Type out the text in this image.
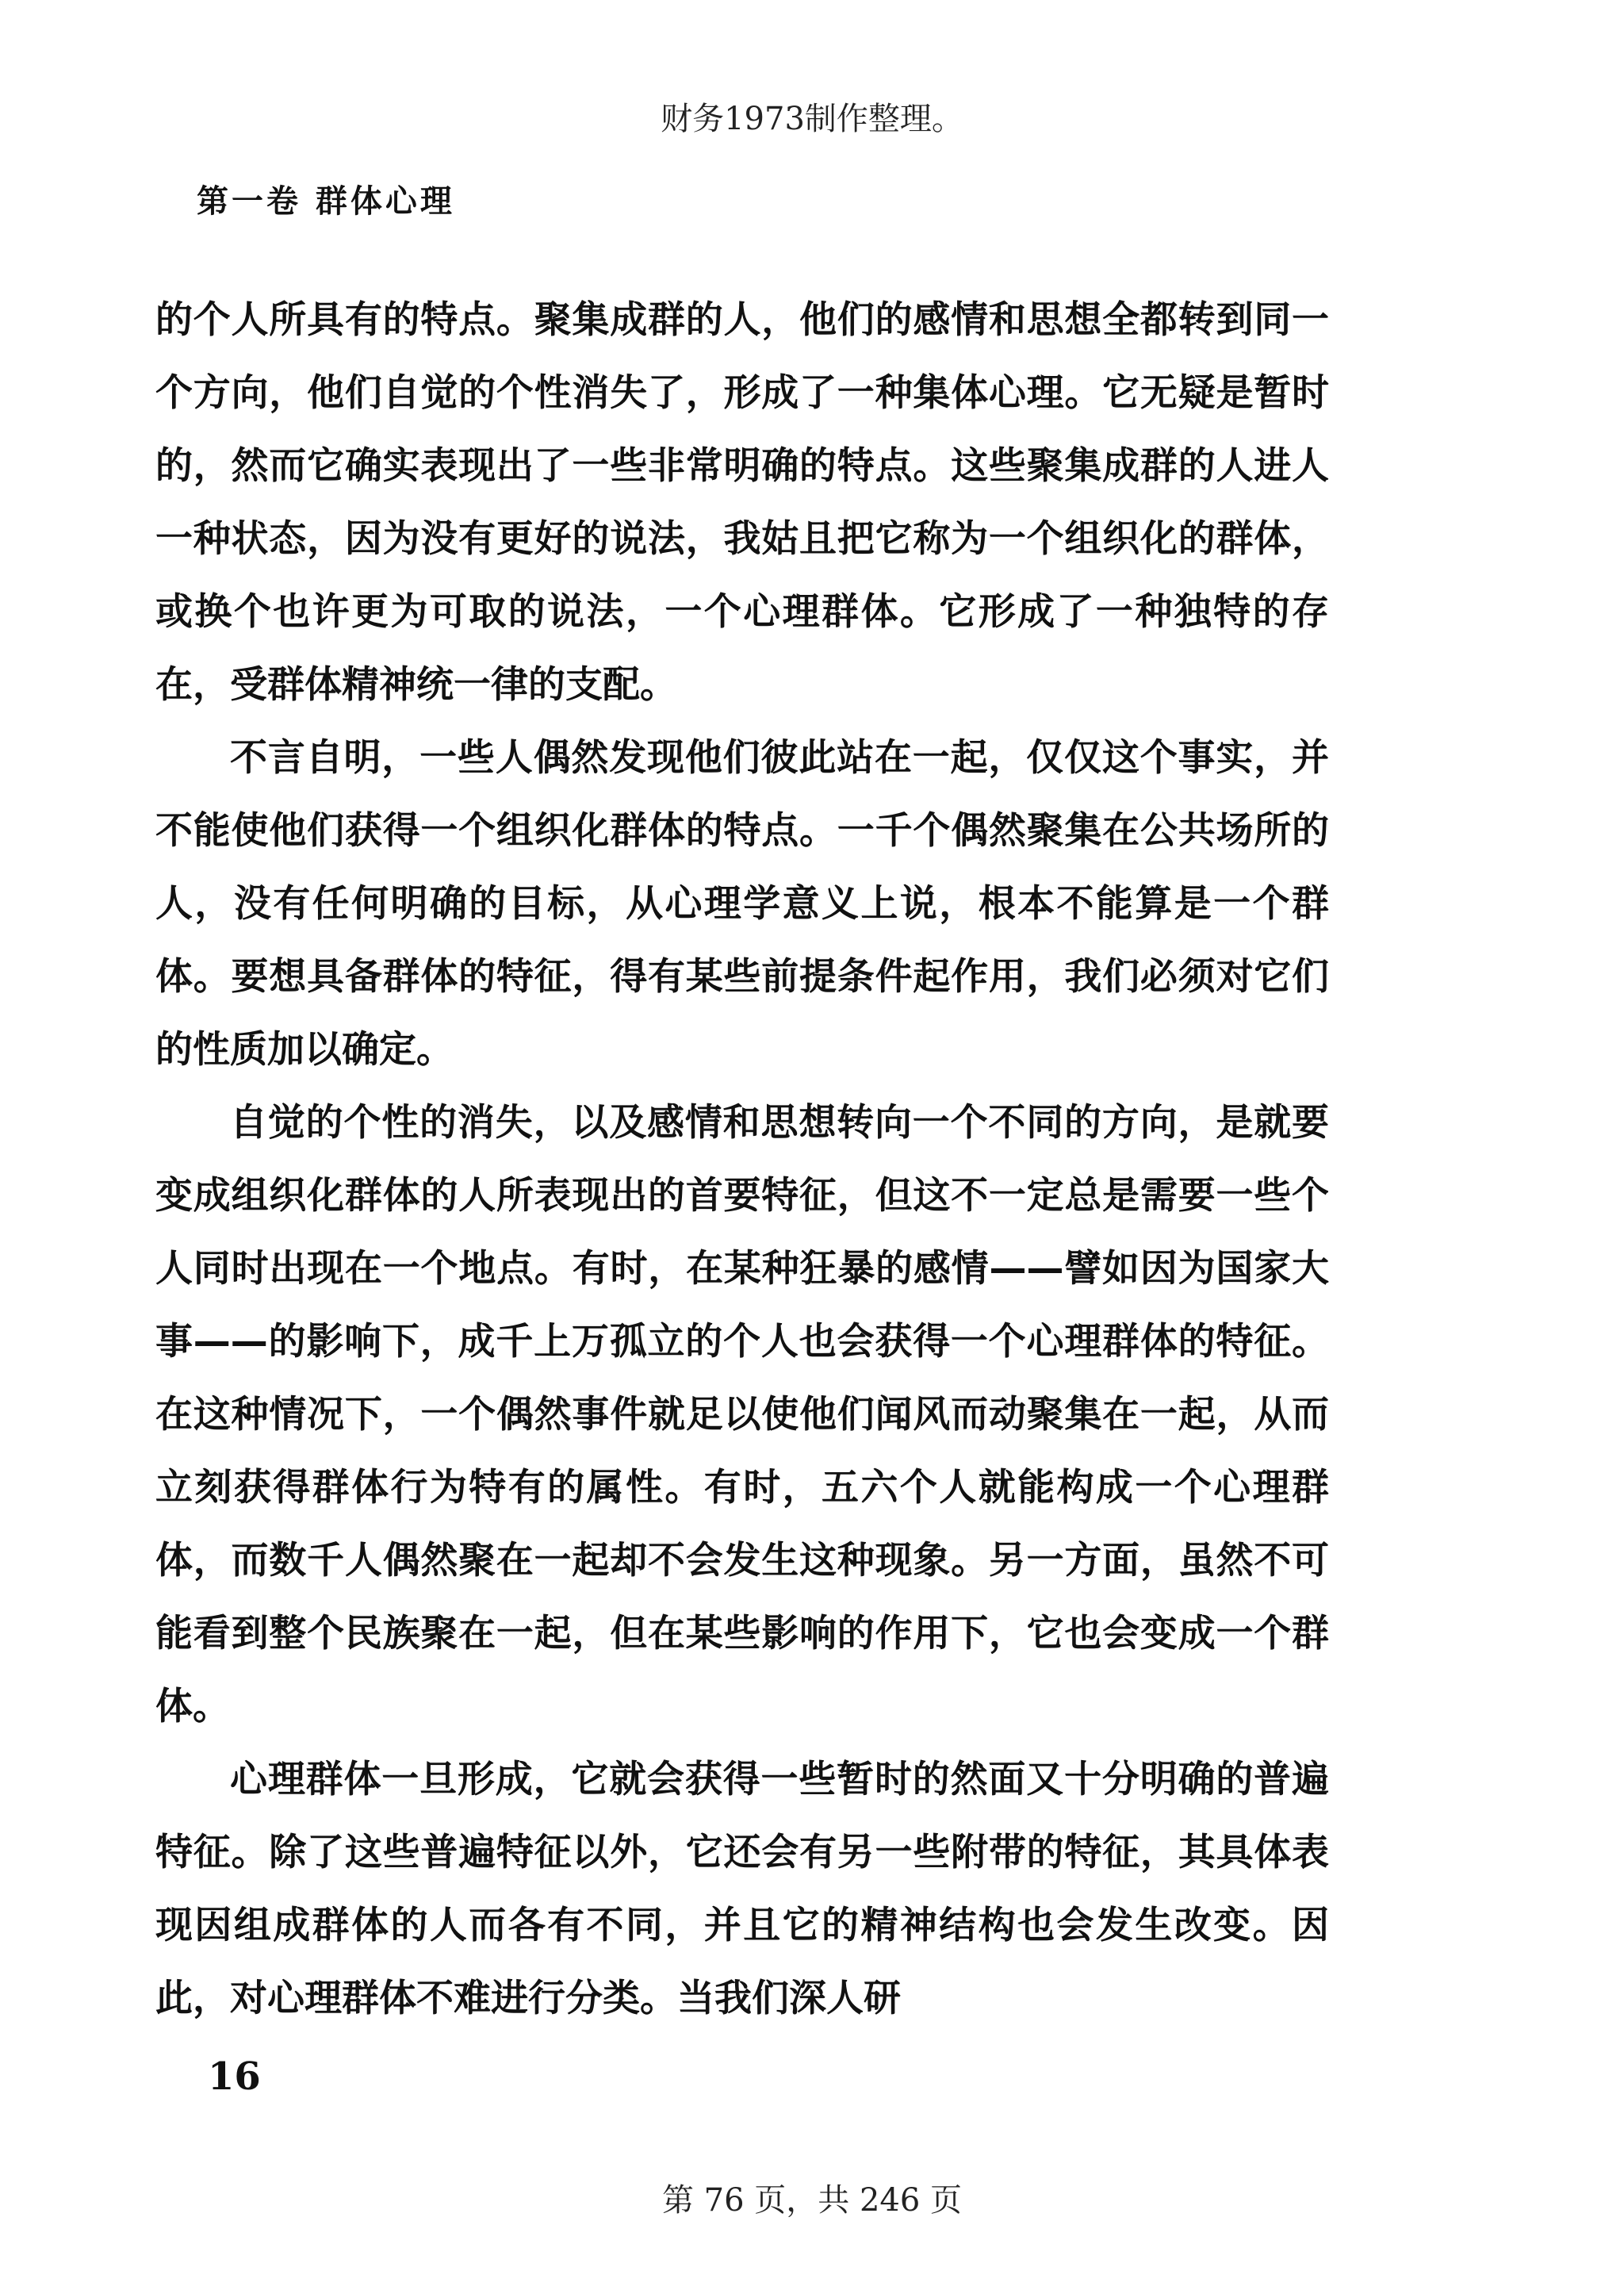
财务1973制作整理。
第一卷 群体心理

的个人所具有的特点。聚集成群的人，他们的感情和思想全都转到同一个方向，他们自觉的个性消失了，形成了一种集体心理。它无疑是暂时的，然而它确实表现出了一些非常明确的特点。这些聚集成群的人进人一种状态，因为没有更好的说法，我姑且把它称为一个组织化的群体，或换个也许更为可取的说法，一个心理群体。它形成了一种独特的存在，受群体精神统一律的支配。

不言自明，一些人偶然发现他们彼此站在一起，仅仅这个事实，并不能使他们获得一个组织化群体的特点。一千个偶然聚集在公共场所的人，没有任何明确的目标，从心理学意义上说，根本不能算是一个群体。要想具备群体的特征，得有某些前提条件起作用，我们必须对它们的性质加以确定。

自觉的个性的消失，以及感情和思想转向一个不同的方向，是就要变成组织化群体的人所表现出的首要特征，但这不一定总是需要一些个人同时出现在一个地点。有时，在某种狂暴的感情——譬如因为国家大事——的影响下，成千上万孤立的个人也会获得一个心理群体的特征。在这种情况下，一个偶然事件就足以使他们闻风而动聚集在一起，从而立刻获得群体行为特有的属性。有时，五六个人就能构成一个心理群体，而数千人偶然聚在一起却不会发生这种现象。另一方面，虽然不可能看到整个民族聚在一起，但在某些影响的作用下，它也会变成一个群体。

心理群体一旦形成，它就会获得一些暂时的然面又十分明确的普遍特征。除了这些普遍特征以外，它还会有另一些附带的特征，其具体表现因组成群体的人而各有不同，并且它的精神结构也会发生改变。因此，对心理群体不难进行分类。当我们深人研

16
第 76 页，共 246 页
